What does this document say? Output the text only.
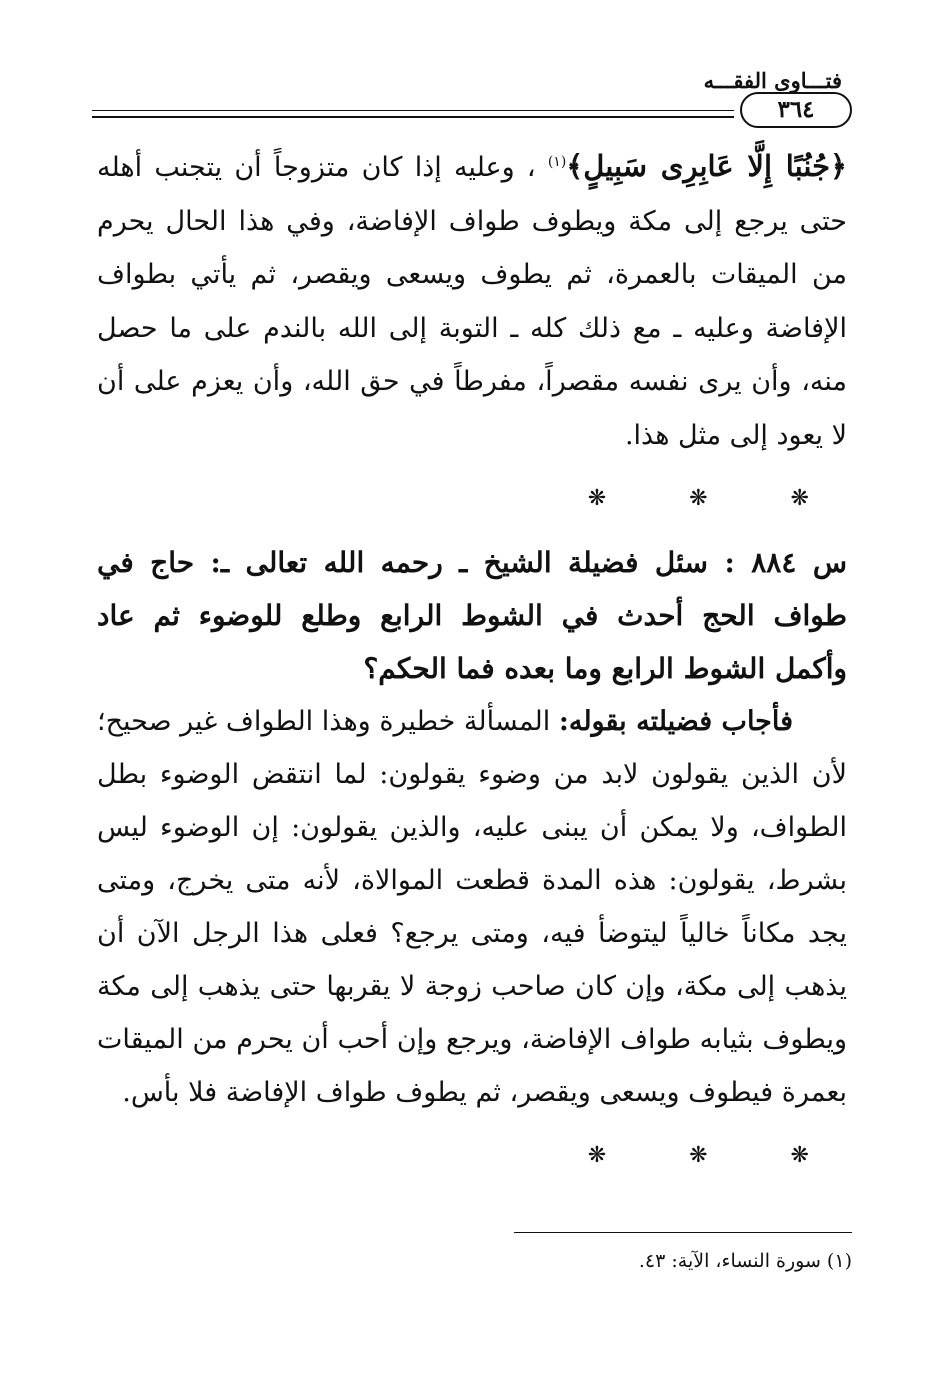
فتـــاوى الفقـــه
٣٦٤

﴿جُنُبًا إِلَّا عَابِرِى سَبِيلٍ﴾$^{(١)}$ ، وعليه إذا كان متزوجاً أن يتجنب أهله حتى يرجع إلى مكة ويطوف طواف الإفاضة، وفي هذا الحال يحرم من الميقات بالعمرة، ثم يطوف ويسعى ويقصر، ثم يأتي بطواف الإفاضة وعليه ـ مع ذلك كله ـ التوبة إلى الله بالندم على ما حصل منه، وأن يرى نفسه مقصراً، مفرطاً في حق الله، وأن يعزم على أن لا يعود إلى مثل هذا.

❋ ❋ ❋

س ٨٨٤ : سئل فضيلة الشيخ ـ رحمه الله تعالى ـ: حاج في طواف الحج أحدث في الشوط الرابع وطلع للوضوء ثم عاد وأكمل الشوط الرابع وما بعده فما الحكم؟

فأجاب فضيلته بقوله: المسألة خطيرة وهذا الطواف غير صحيح؛ لأن الذين يقولون لابد من وضوء يقولون: لما انتقض الوضوء بطل الطواف، ولا يمكن أن يبنى عليه، والذين يقولون: إن الوضوء ليس بشرط، يقولون: هذه المدة قطعت الموالاة، لأنه متى يخرج، ومتى يجد مكاناً خالياً ليتوضأ فيه، ومتى يرجع؟ فعلى هذا الرجل الآن أن يذهب إلى مكة، وإن كان صاحب زوجة لا يقربها حتى يذهب إلى مكة ويطوف بثيابه طواف الإفاضة، ويرجع وإن أحب أن يحرم من الميقات بعمرة فيطوف ويسعى ويقصر، ثم يطوف طواف الإفاضة فلا بأس.

❋ ❋ ❋
(١) سورة النساء، الآية: ٤٣.
